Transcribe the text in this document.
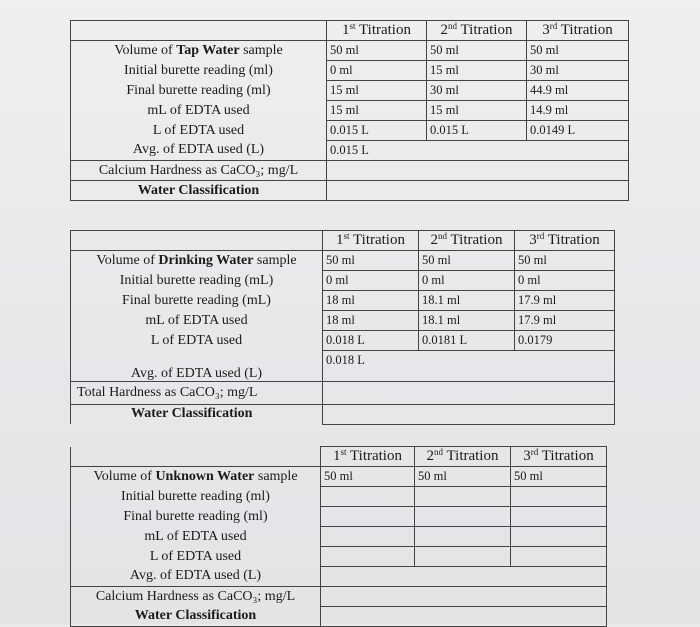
	1st Titration	2nd Titration	3rd Titration
Volume of Tap Water sample	50 ml	50 ml	50 ml
Initial burette reading (ml)	0 ml	15 ml	30 ml
Final burette reading (ml)	15 ml	30 ml	44.9 ml
mL of EDTA used	15 ml	15 ml	14.9 ml
L of EDTA used	0.015 L	0.015 L	0.0149 L
Avg. of EDTA used (L)	0.015 L		
Calcium Hardness as CaCO₃; mg/L			
Water Classification			
	1st Titration	2nd Titration	3rd Titration
Volume of Drinking Water sample	50 ml	50 ml	50 ml
Initial burette reading (mL)	0 ml	0 ml	0 ml
Final burette reading (mL)	18 ml	18.1 ml	17.9 ml
mL of EDTA used	18 ml	18.1 ml	17.9 ml
L of EDTA used	0.018 L	0.0181 L	0.0179
Avg. of EDTA used (L)	0.018 L		
Total Hardness as CaCO₃; mg/L			
Water Classification			
	1st Titration	2nd Titration	3rd Titration
Volume of Unknown Water sample	50 ml	50 ml	50 ml
Initial burette reading (ml)			
Final burette reading (ml)			
mL of EDTA used			
L of EDTA used			
Avg. of EDTA used (L)			
Calcium Hardness as CaCO₃; mg/L			
Water Classification			
